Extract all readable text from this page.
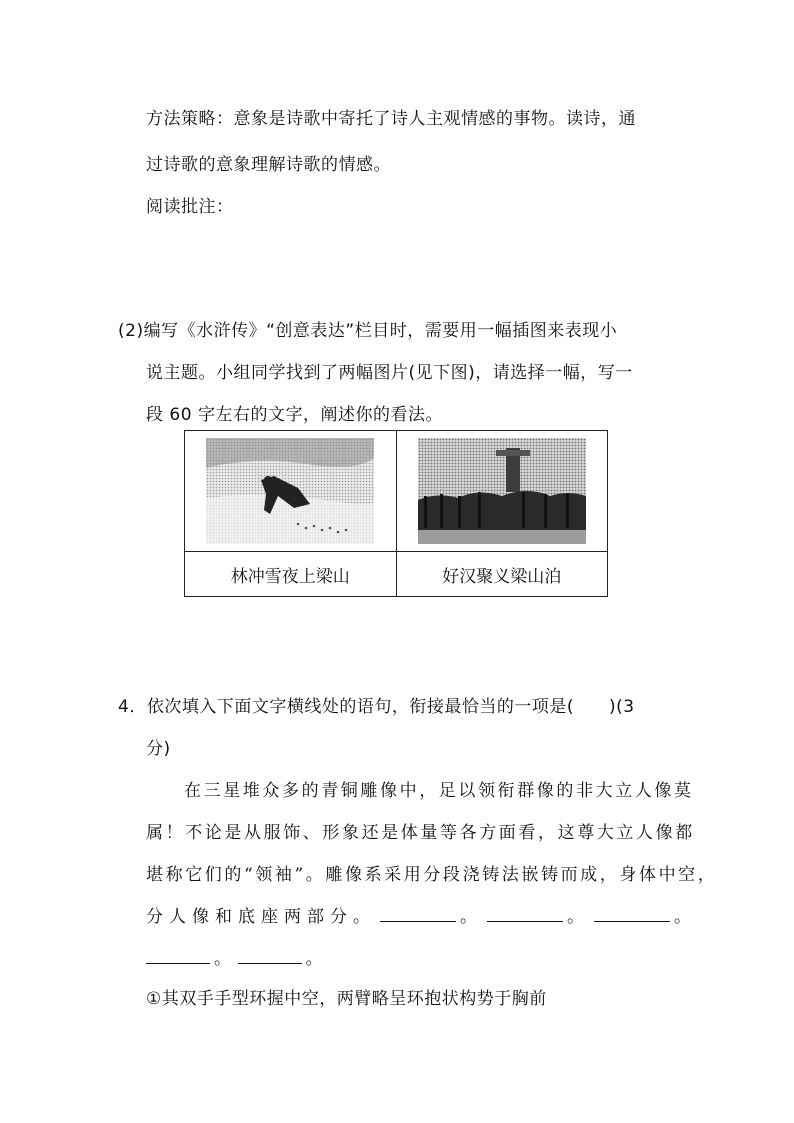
方法策略：意象是诗歌中寄托了诗人主观情感的事物。读诗，通
过诗歌的意象理解诗歌的情感。
阅读批注：
(2)编写《水浒传》“创意表达”栏目时，需要用一幅插图来表现小
说主题。小组同学找到了两幅图片(见下图)，请选择一幅，写一
段 60 字左右的文字，阐述你的看法。

林冲雪夜上梁山	好汉聚义梁山泊
4．依次填入下面文字横线处的语句，衔接最恰当的一项是(　　)(3
分)
在三星堆众多的青铜雕像中，足以领衔群像的非大立人像莫
属！不论是从服饰、形象还是体量等各方面看，这尊大立人像都
堪称它们的“领袖”。雕像系采用分段浇铸法嵌铸而成，身体中空，
分人像和底座两部分。	。	。	。
。	。
①其双手手型环握中空，两臂略呈环抱状构势于胸前
